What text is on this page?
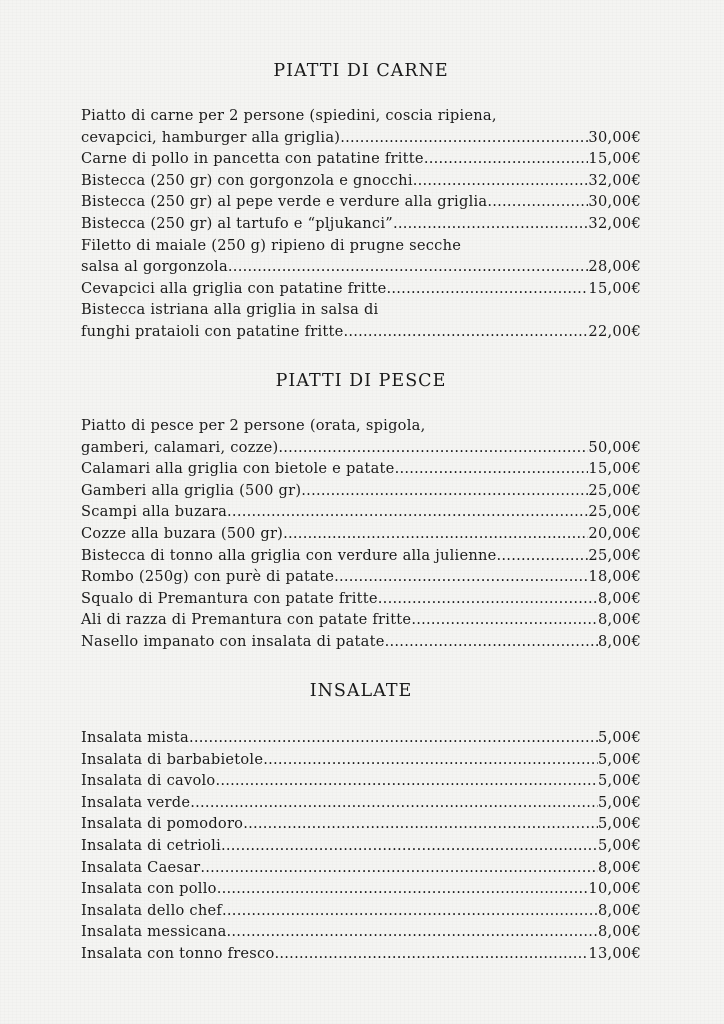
PIATTI DI CARNE
Piatto di carne per 2 persone (spiedini, coscia ripiena,
cevapcici, hamburger alla griglia) .....	30,00€
Carne di pollo in pancetta con patatine fritte .....	15,00€
Bistecca (250 gr) con gorgonzola e gnocchi .....	32,00€
Bistecca (250 gr) al pepe verde e verdure alla griglia .....	30,00€
Bistecca (250 gr) al tartufo e “pljukanci” .....	32,00€
Filetto di maiale (250 g) ripieno di prugne secche
salsa al gorgonzola .....	28,00€
Cevapcici alla griglia con patatine fritte .....	15,00€
Bistecca istriana alla griglia in salsa di
funghi prataioli con patatine fritte .....	22,00€
PIATTI DI PESCE
Piatto di pesce per 2 persone (orata, spigola,
gamberi, calamari, cozze) .....	50,00€
Calamari alla griglia con bietole e patate .....	15,00€
Gamberi alla griglia (500 gr) .....	25,00€
Scampi alla buzara .....	25,00€
Cozze alla buzara (500 gr) .....	20,00€
Bistecca di tonno alla griglia con verdure alla julienne .....	25,00€
Rombo (250g) con purè di patate .....	18,00€
Squalo di Premantura con patate fritte .....	8,00€
Ali di razza di Premantura con patate fritte .....	8,00€
Nasello impanato con insalata di patate .....	8,00€
INSALATE
Insalata mista .....	5,00€
Insalata di barbabietole .....	5,00€
Insalata di cavolo .....	5,00€
Insalata verde .....	5,00€
Insalata di pomodoro .....	5,00€
Insalata di cetrioli .....	5,00€
Insalata Caesar .....	8,00€
Insalata con pollo .....	10,00€
Insalata dello chef .....	8,00€
Insalata messicana .....	8,00€
Insalata con tonno fresco .....	13,00€
